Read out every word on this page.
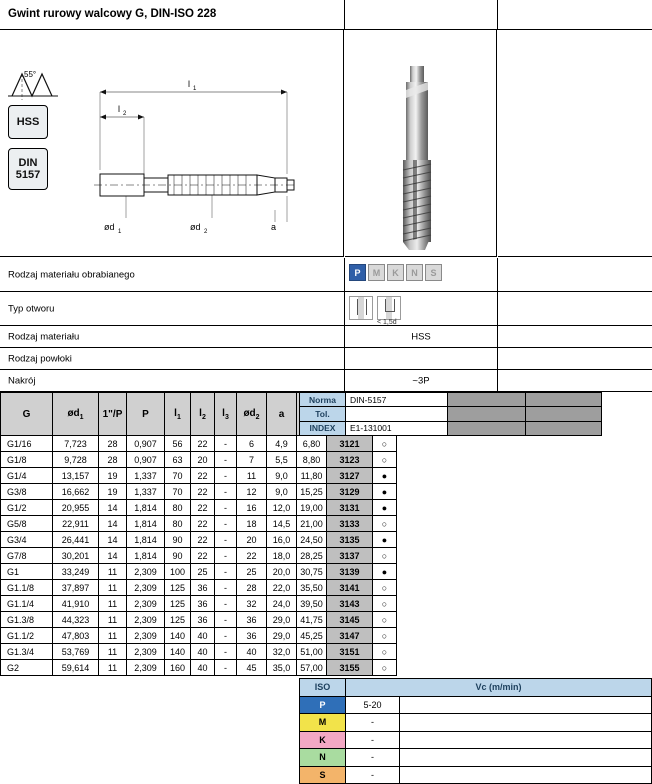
Gwint rurowy walcowy G, DIN-ISO 228
55°
HSS
DIN
5157
l 1
l 2
a
ød 1	ød 2
Rodzaj materiału obrabianego	P	M	K	N	S
Typ otworu
< 1,5d
Rodzaj materiału	HSS
Rodzaj powłoki
Nakrój	~3P
G	$ød_1$	1"/P	P	$l_1$	$l_2$	$l_3$	$ød_2$	a	

G1/16	7,723	28	0,907	56	22	-	6	4,9	6,80	3121	○
G1/8	9,728	28	0,907	63	20	-	7	5,5	8,80	3123	○
G1/4	13,157	19	1,337	70	22	-	11	9,0	11,80	3127	●
G3/8	16,662	19	1,337	70	22	-	12	9,0	15,25	3129	●
G1/2	20,955	14	1,814	80	22	-	16	12,0	19,00	3131	●
G5/8	22,911	14	1,814	80	22	-	18	14,5	21,00	3133	○
G3/4	26,441	14	1,814	90	22	-	20	16,0	24,50	3135	●
G7/8	30,201	14	1,814	90	22	-	22	18,0	28,25	3137	○
G1	33,249	11	2,309	100	25	-	25	20,0	30,75	3139	●
G1.1/8	37,897	11	2,309	125	36	-	28	22,0	35,50	3141	○
G1.1/4	41,910	11	2,309	125	36	-	32	24,0	39,50	3143	○
G1.3/8	44,323	11	2,309	125	36	-	36	29,0	41,75	3145	○
G1.1/2	47,803	11	2,309	140	40	-	36	29,0	45,25	3147	○
G1.3/4	53,769	11	2,309	140	40	-	40	32,0	51,00	3151	○
G2	59,614	11	2,309	160	40	-	45	35,0	57,00	3155	○
Norma	DIN-5157		
Tol.			
INDEX	E1-131001		
ISO	Vc (m/min)	
P	5-20	
M	-	
K	-	
N	-	
S	-	
